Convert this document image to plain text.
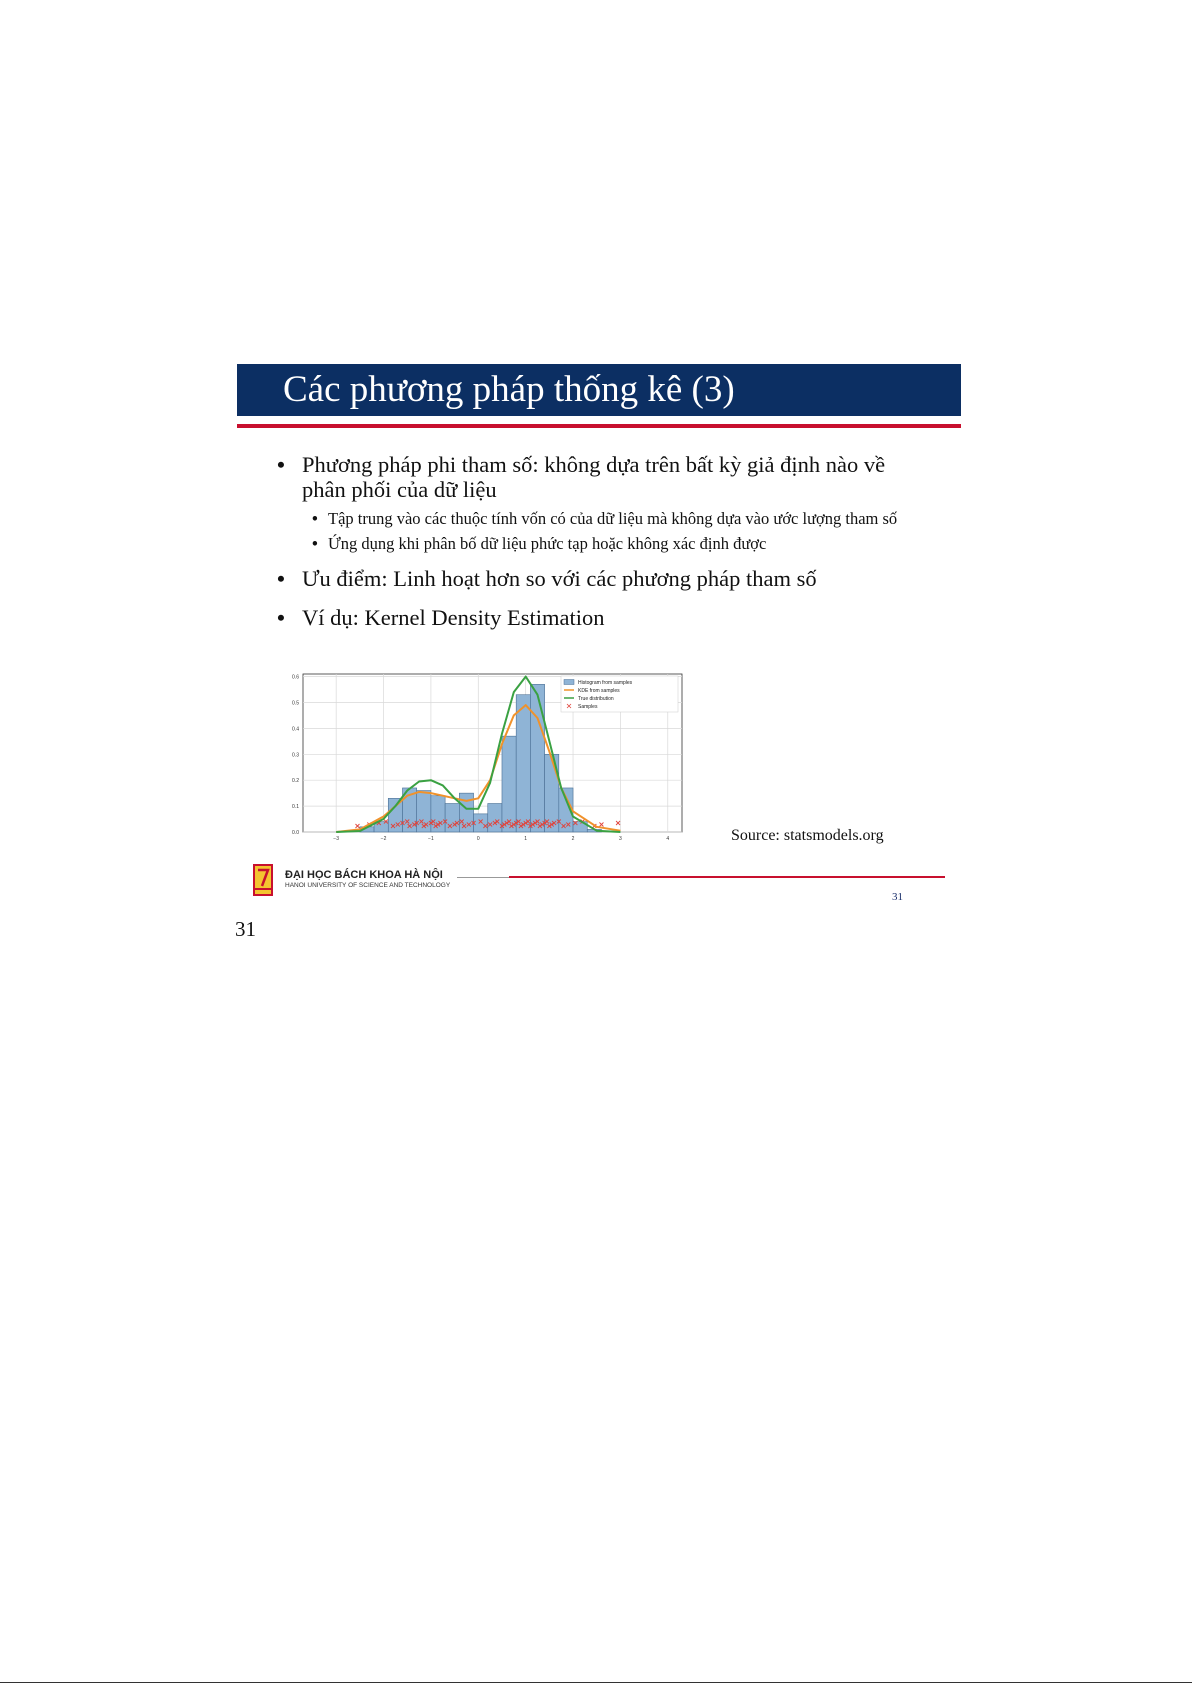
Các phương pháp thống kê (3)
• Phương pháp phi tham số: không dựa trên bất kỳ giả định nào về phân phối của dữ liệu
• Tập trung vào các thuộc tính vốn có của dữ liệu mà không dựa vào ước lượng tham số
• Ứng dụng khi phân bố dữ liệu phức tạp hoặc không xác định được
• Ưu điểm: Linh hoạt hơn so với các phương pháp tham số
• Ví dụ: Kernel Density Estimation
0.0
0.1
0.2
0.3
0.4
0.5
0.6
−3	−2	−1	0	1	2	3	4
Histogram from samples
KDE from samples
True distribution
Samples
Source: statsmodels.org
ĐẠI HỌC BÁCH KHOA HÀ NỘI
HANOI UNIVERSITY OF SCIENCE AND TECHNOLOGY
31
31
